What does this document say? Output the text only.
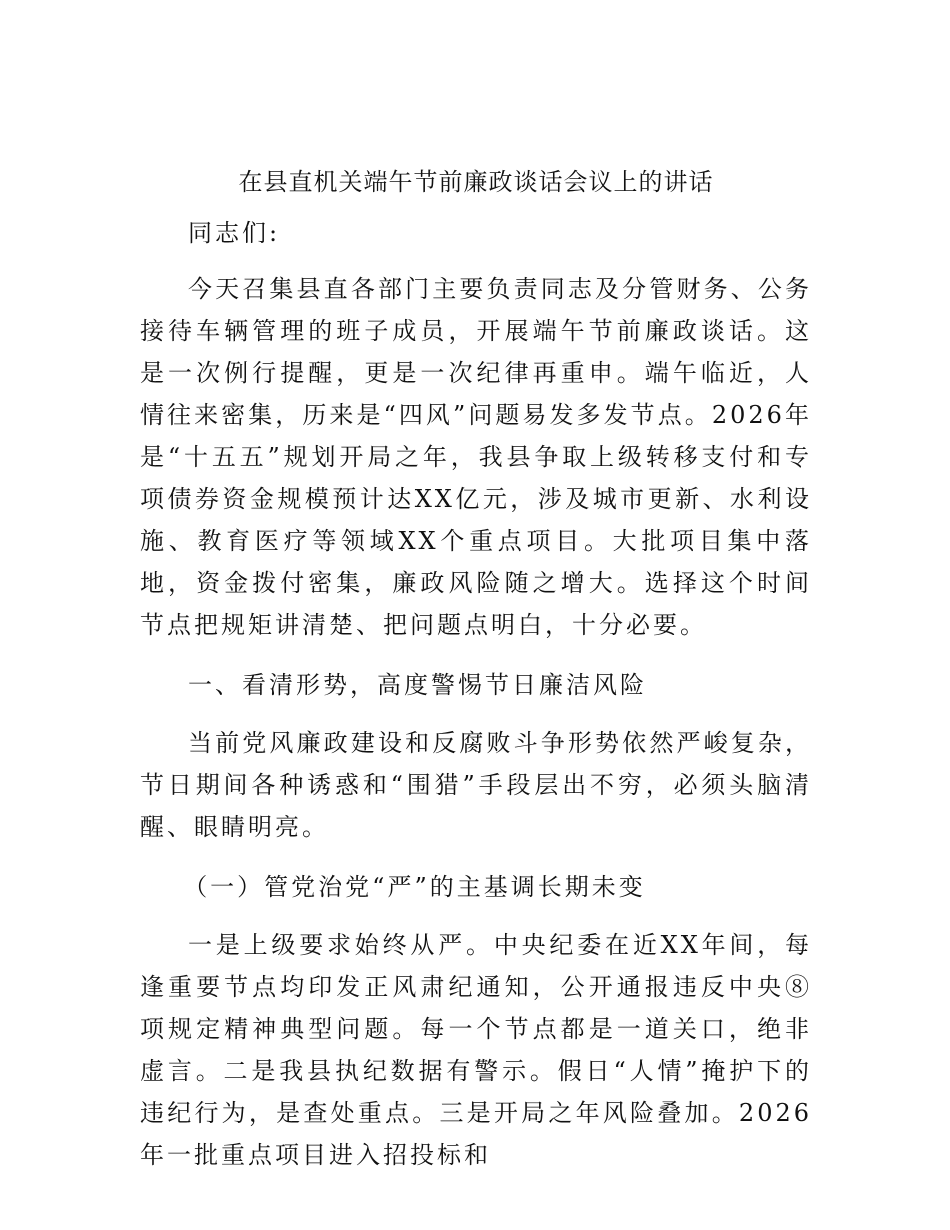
在县直机关端午节前廉政谈话会议上的讲话

同志们:

今天召集县直各部门主要负责同志及分管财务、公务接待车辆管理的班子成员，开展端午节前廉政谈话。这是一次例行提醒，更是一次纪律再重申。端午临近，人情往来密集，历来是“四风”问题易发多发节点。2026年是“十五五”规划开局之年，我县争取上级转移支付和专项债券资金规模预计达XX亿元，涉及城市更新、水利设施、教育医疗等领域XX个重点项目。大批项目集中落地，资金拨付密集，廉政风险随之增大。选择这个时间节点把规矩讲清楚、把问题点明白，十分必要。

一、看清形势，高度警惕节日廉洁风险

当前党风廉政建设和反腐败斗争形势依然严峻复杂，节日期间各种诱惑和“围猎”手段层出不穷，必须头脑清醒、眼睛明亮。

（一）管党治党“严”的主基调长期未变

一是上级要求始终从严。中央纪委在近XX年间，每逢重要节点均印发正风肃纪通知，公开通报违反中央⑧项规定精神典型问题。每一个节点都是一道关口，绝非虚言。二是我县执纪数据有警示。假日“人情”掩护下的违纪行为，是查处重点。三是开局之年风险叠加。2026年一批重点项目进入招投标和
